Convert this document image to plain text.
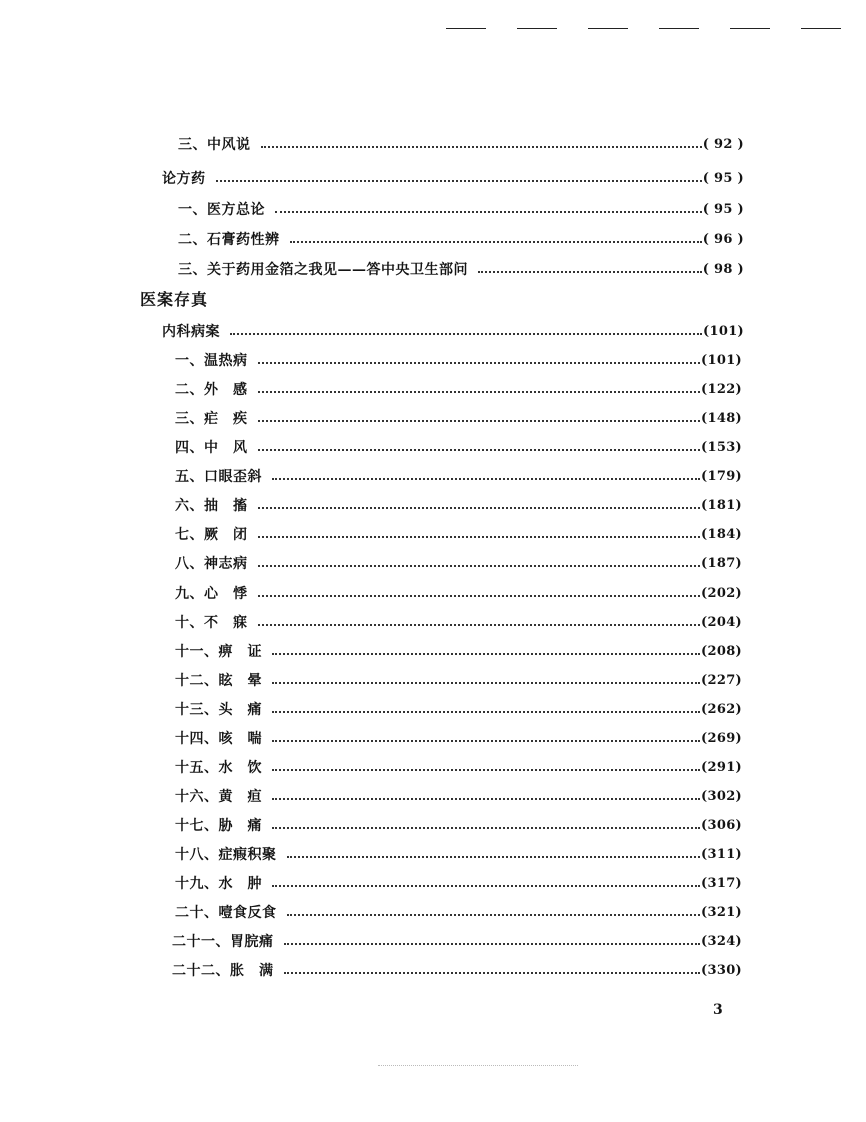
三、中风说	( 92 )
论方药	( 95 )
一、医方总论	( 95 )
二、石膏药性辨	( 96 )
三、关于药用金箔之我见——答中央卫生部问	( 98 )
医案存真
内科病案	(101)
一、温热病	(101)
二、外　感	(122)
三、疟　疾	(148)
四、中　风	(153)
五、口眼歪斜	(179)
六、抽　搐	(181)
七、厥　闭	(184)
八、神志病	(187)
九、心　悸	(202)
十、不　寐	(204)
十一、痹　证	(208)
十二、眩　晕	(227)
十三、头　痛	(262)
十四、咳　喘	(269)
十五、水　饮	(291)
十六、黄　疸	(302)
十七、胁　痛	(306)
十八、症瘕积聚	(311)
十九、水　肿	(317)
二十、噎食反食	(321)
二十一、胃脘痛	(324)
二十二、胀　满	(330)
3
